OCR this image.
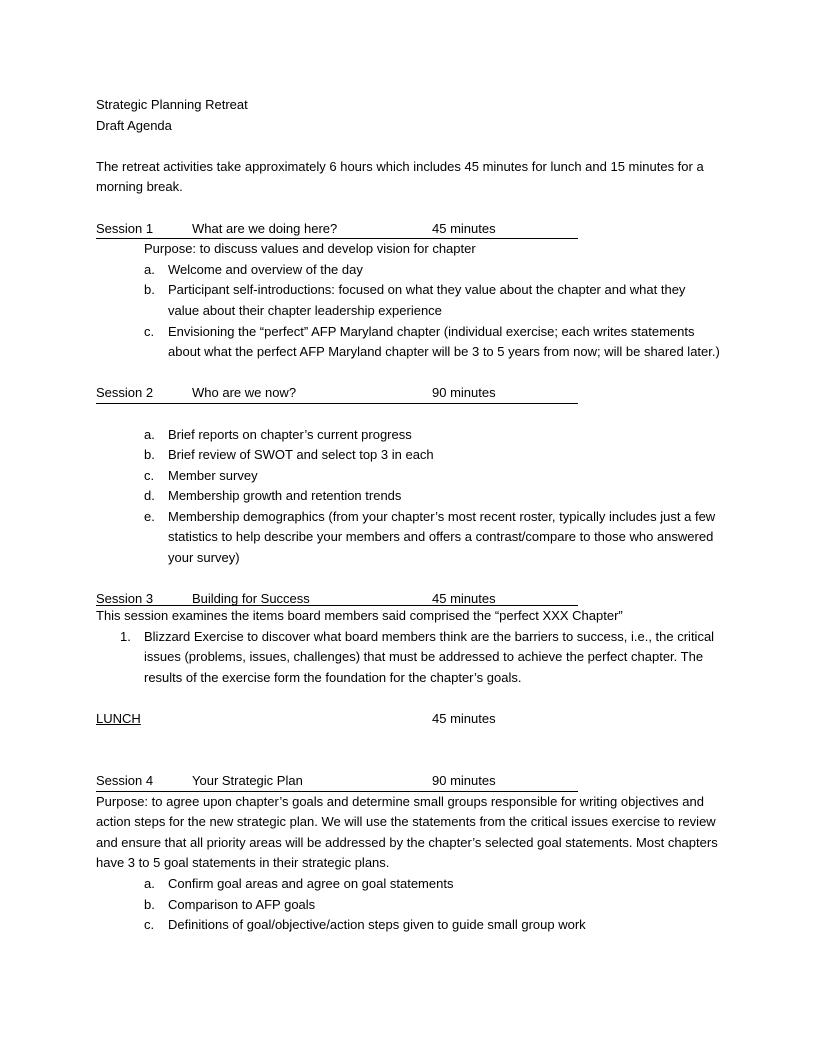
Strategic Planning Retreat
Draft Agenda

The retreat activities take approximately 6 hours which includes 45 minutes for lunch and 15 minutes for a morning break.

Session 1	What are we doing here?	45 minutes
Purpose: to discuss values and develop vision for chapter
a. Welcome and overview of the day
b. Participant self-introductions: focused on what they value about the chapter and what they value about their chapter leadership experience
c. Envisioning the “perfect” AFP Maryland chapter (individual exercise; each writes statements about what the perfect AFP Maryland chapter will be 3 to 5 years from now; will be shared later.)
Session 2	Who are we now?	90 minutes
a. Brief reports on chapter’s current progress
b. Brief review of SWOT and select top 3 in each
c. Member survey
d. Membership growth and retention trends
e. Membership demographics (from your chapter’s most recent roster, typically includes just a few statistics to help describe your members and offers a contrast/compare to those who answered your survey)
Session 3	Building for Success	45 minutes
This session examines the items board members said comprised the “perfect XXX Chapter”
1. Blizzard Exercise to discover what board members think are the barriers to success, i.e., the critical issues (problems, issues, challenges) that must be addressed to achieve the perfect chapter. The results of the exercise form the foundation for the chapter’s goals.
LUNCH	45 minutes
Session 4	Your Strategic Plan	90 minutes

Purpose: to agree upon chapter’s goals and determine small groups responsible for writing objectives and action steps for the new strategic plan. We will use the statements from the critical issues exercise to review and ensure that all priority areas will be addressed by the chapter’s selected goal statements. Most chapters have 3 to 5 goal statements in their strategic plans.

a. Confirm goal areas and agree on goal statements
b. Comparison to AFP goals
c. Definitions of goal/objective/action steps given to guide small group work
